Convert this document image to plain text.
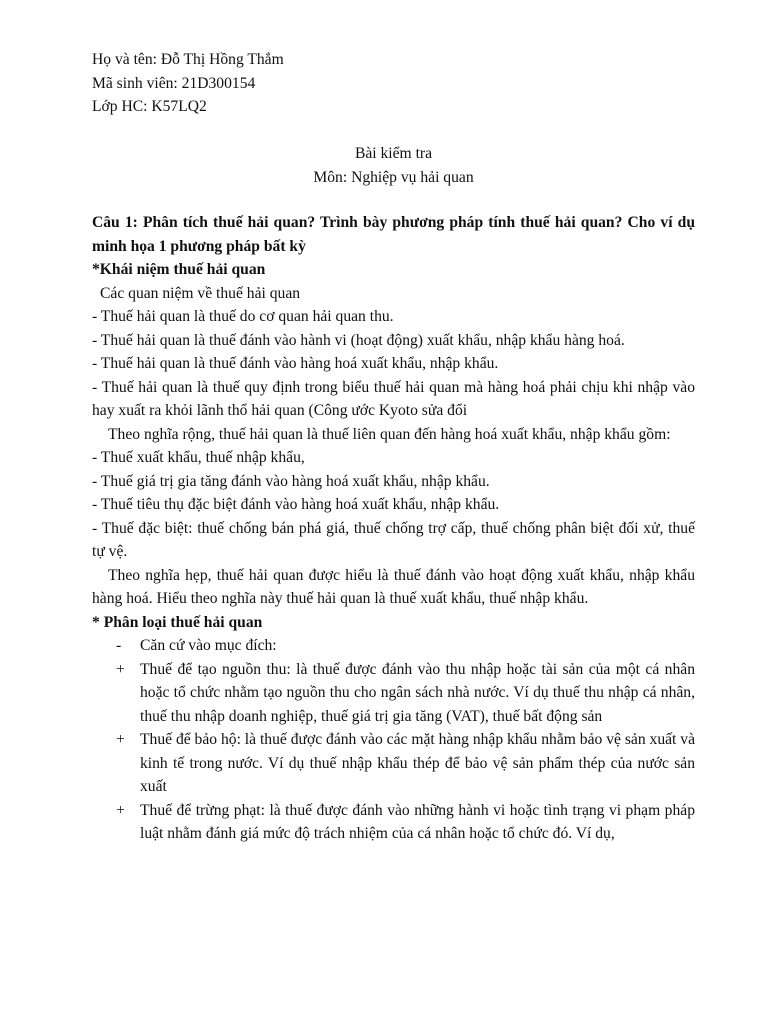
Họ và tên: Đỗ Thị Hồng Thắm
Mã sinh viên: 21D300154
Lớp HC: K57LQ2
Bài kiểm tra
Môn: Nghiệp vụ hải quan
Câu 1: Phân tích thuế hải quan? Trình bày phương pháp tính thuế hải quan? Cho ví dụ minh họa 1 phương pháp bất kỳ
*Khái niệm thuế hải quan
Các quan niệm về thuế hải quan
- Thuế hải quan là thuế do cơ quan hải quan thu.
- Thuế hải quan là thuế đánh vào hành vi (hoạt động) xuất khẩu, nhập khẩu hàng hoá.
- Thuế hải quan là thuế đánh vào hàng hoá xuất khẩu, nhập khẩu.
- Thuế hải quan là thuế quy định trong biểu thuế hải quan mà hàng hoá phải chịu khi nhập vào hay xuất ra khỏi lãnh thổ hải quan (Công ước Kyoto sửa đổi
Theo nghĩa rộng, thuế hải quan là thuế liên quan đến hàng hoá xuất khẩu, nhập khẩu gồm:
- Thuế xuất khẩu, thuế nhập khẩu,
- Thuế giá trị gia tăng đánh vào hàng hoá xuất khẩu, nhập khẩu.
- Thuế tiêu thụ đặc biệt đánh vào hàng hoá xuất khẩu, nhập khẩu.
- Thuế đặc biệt: thuế chống bán phá giá, thuế chống trợ cấp, thuế chống phân biệt đối xử, thuế tự vệ.
Theo nghĩa hẹp, thuế hải quan được hiểu là thuế đánh vào hoạt động xuất khẩu, nhập khẩu hàng hoá. Hiểu theo nghĩa này thuế hải quan là thuế xuất khẩu, thuế nhập khẩu.
* Phân loại thuế hải quan
-	Căn cứ vào mục đích:
+ Thuế để tạo nguồn thu: là thuế được đánh vào thu nhập hoặc tài sản của một cá nhân hoặc tổ chức nhằm tạo nguồn thu cho ngân sách nhà nước. Ví dụ thuế thu nhập cá nhân, thuế thu nhập doanh nghiệp, thuế giá trị gia tăng (VAT), thuế bất động sản
+ Thuế để bảo hộ: là thuế được đánh vào các mặt hàng nhập khẩu nhằm bảo vệ sản xuất và kinh tế trong nước. Ví dụ thuế nhập khẩu thép để bảo vệ sản phẩm thép của nước sản xuất
+ Thuế để trừng phạt: là thuế được đánh vào những hành vi hoặc tình trạng vi phạm pháp luật nhằm đánh giá mức độ trách nhiệm của cá nhân hoặc tổ chức đó. Ví dụ,
